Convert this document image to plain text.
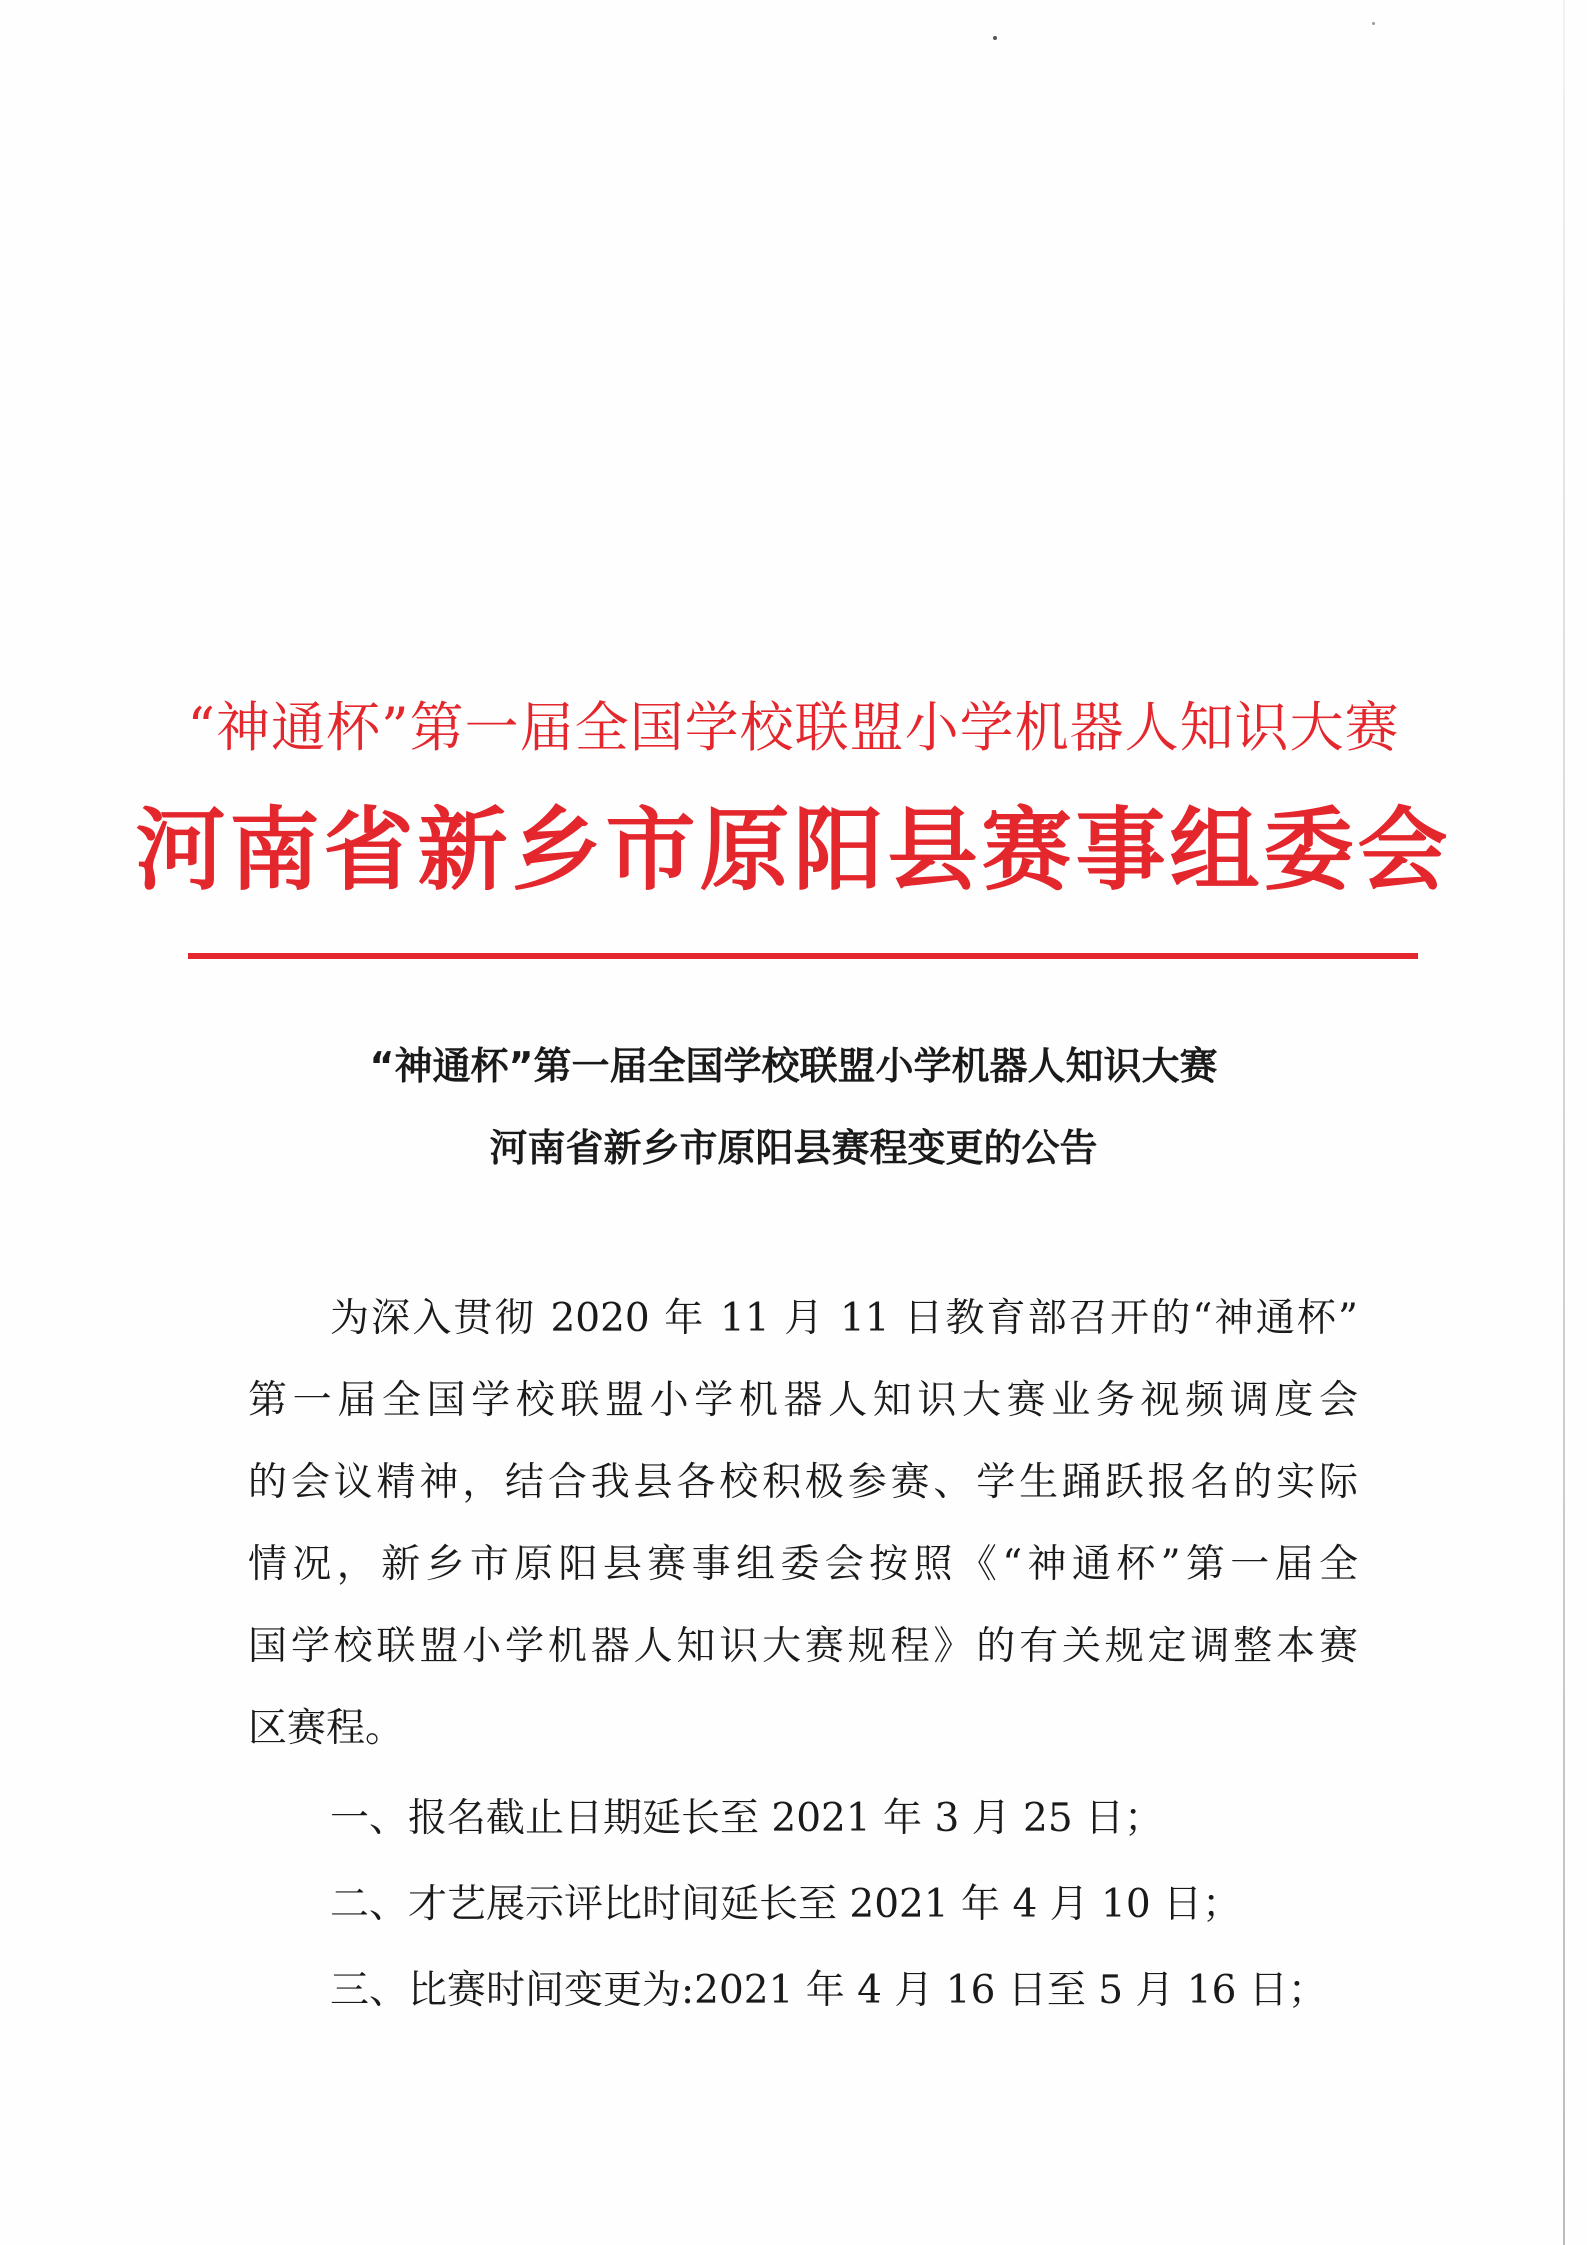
“神通杯”第一届全国学校联盟小学机器人知识大赛
河南省新乡市原阳县赛事组委会
“神通杯”第一届全国学校联盟小学机器人知识大赛
河南省新乡市原阳县赛程变更的公告
为深入贯彻 2020 年 11 月 11 日教育部召开的“神通杯”
第一届全国学校联盟小学机器人知识大赛业务视频调度会
的会议精神，结合我县各校积极参赛、学生踊跃报名的实际
情况，新乡市原阳县赛事组委会按照《“神通杯”第一届全
国学校联盟小学机器人知识大赛规程》的有关规定调整本赛
区赛程。
一、报名截止日期延长至 2021 年 3 月 25 日；
二、才艺展示评比时间延长至 2021 年 4 月 10 日；
三、比赛时间变更为:2021 年 4 月 16 日至 5 月 16 日；
